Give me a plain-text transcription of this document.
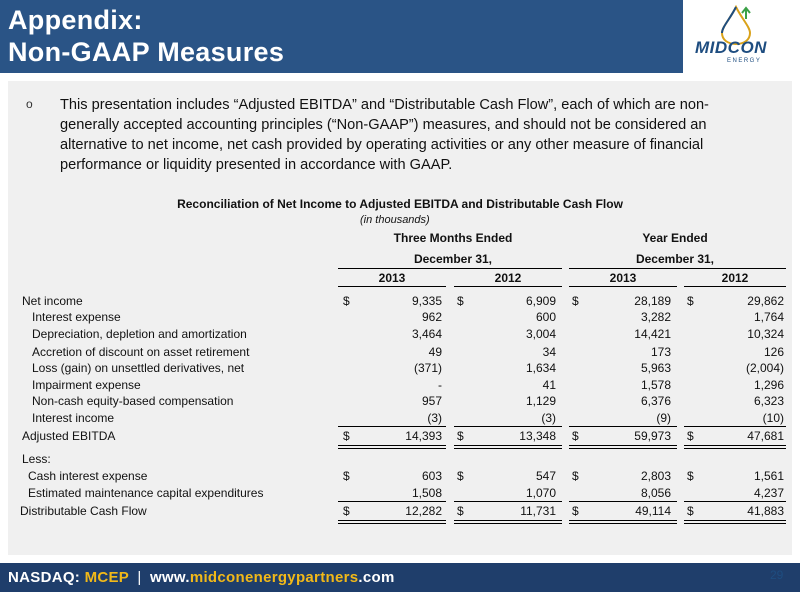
Appendix:
Non-GAAP Measures	MIDCON
ENERGY
o This presentation includes “Adjusted EBITDA” and “Distributable Cash Flow”, each of which are non-generally accepted accounting principles (“Non-GAAP”) measures, and should not be considered an alternative to net income, net cash provided by operating activities or any other measure of financial performance or liquidity presented in accordance with GAAP.
Reconciliation of Net Income to Adjusted EBITDA and Distributable Cash Flow
(in thousands)
Three Months Ended	Year Ended
December 31,	December 31,
2013	2012	2013	2012
Net income	$	9,335 $	6,909 $	28,189 $	29,862
Interest expense	962	600	3,282	1,764
Depreciation, depletion and amortization	3,464	3,004	14,421	10,324
Accretion of discount on asset retirement	49	34	173	126
Loss (gain) on unsettled derivatives, net	(371)	1,634	5,963	(2,004)
Impairment expense	-	41	1,578	1,296
Non-cash equity-based compensation	957	1,129	6,376	6,323
Interest income	(3)	(3)	(9)	(10)
Adjusted EBITDA	$	14,393 $	13,348 $	59,973 $	47,681
Less:
Cash interest expense	$	603 $	547 $	2,803 $	1,561
Estimated maintenance capital expenditures	1,508	1,070	8,056	4,237
Distributable Cash Flow	$	12,282 $	11,731 $	49,114 $	41,883
NASDAQ: MCEP | www.midconenergypartners.com	29
